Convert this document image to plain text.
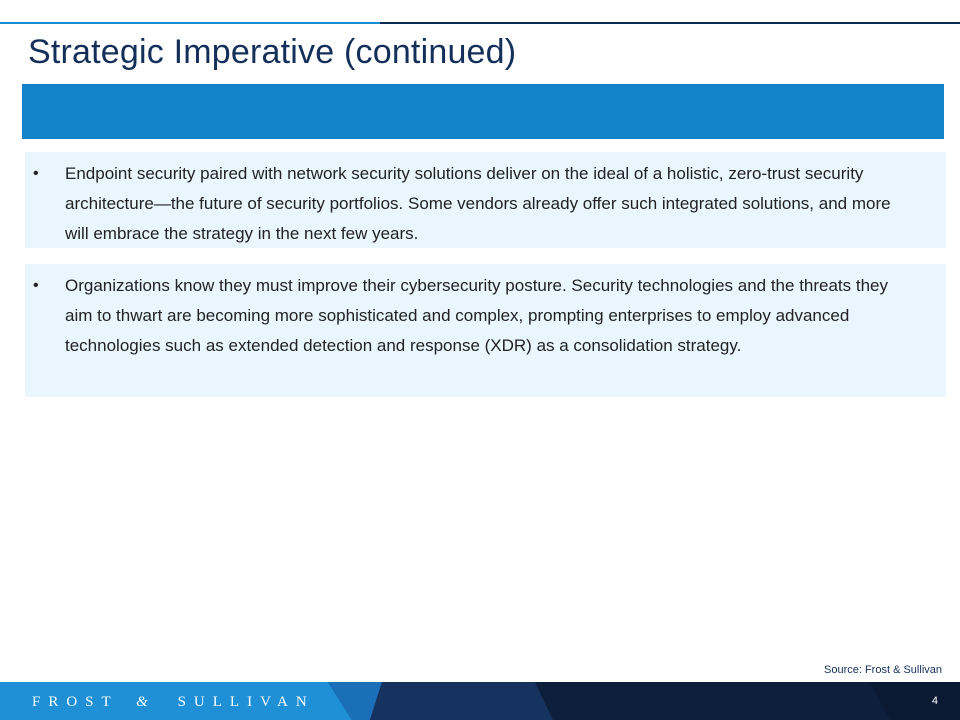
Strategic Imperative (continued)
• Endpoint security paired with network security solutions deliver on the ideal of a holistic, zero-trust security architecture—the future of security portfolios. Some vendors already offer such integrated solutions, and more will embrace the strategy in the next few years.

• Organizations know they must improve their cybersecurity posture. Security technologies and the threats they aim to thwart are becoming more sophisticated and complex, prompting enterprises to employ advanced technologies such as extended detection and response (XDR) as a consolidation strategy.

Source: Frost & Sullivan
FROST & SULLIVAN	4
